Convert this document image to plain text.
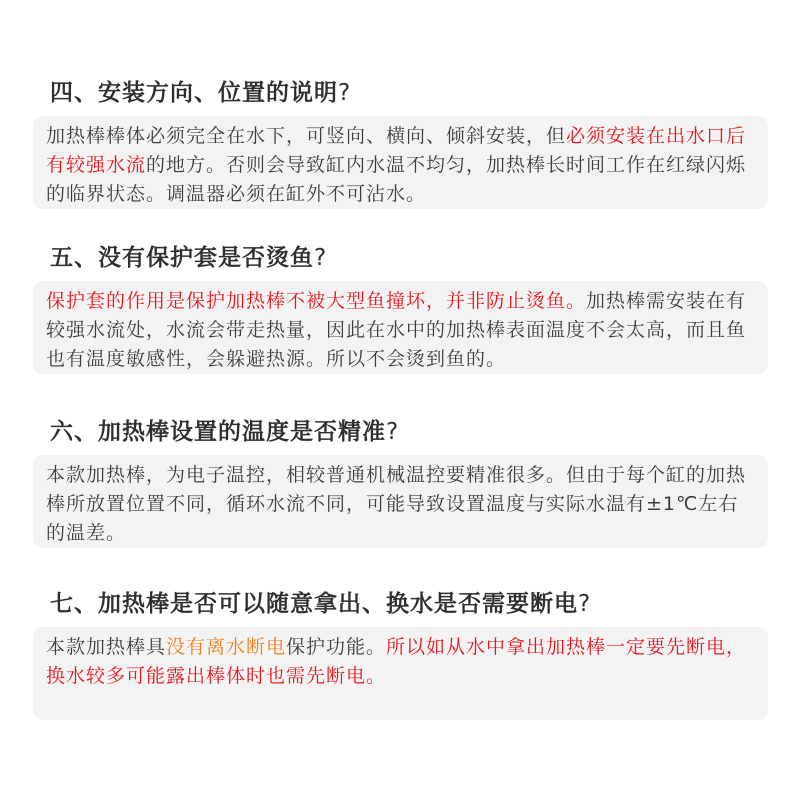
四、安装方向、位置的说明?
加热棒棒体必须完全在水下，可竖向、横向、倾斜安装，但必须安装在出水口后有较强水流的地方。否则会导致缸内水温不均匀，加热棒长时间工作在红绿闪烁的临界状态。调温器必须在缸外不可沾水。
五、没有保护套是否烫鱼?
保护套的作用是保护加热棒不被大型鱼撞坏，并非防止烫鱼。加热棒需安装在有较强水流处，水流会带走热量，因此在水中的加热棒表面温度不会太高，而且鱼也有温度敏感性，会躲避热源。所以不会烫到鱼的。
六、加热棒设置的温度是否精准?
本款加热棒，为电子温控，相较普通机械温控要精准很多。但由于每个缸的加热棒所放置位置不同，循环水流不同，可能导致设置温度与实际水温有±1℃左右的温差。
七、加热棒是否可以随意拿出、换水是否需要断电?
本款加热棒具没有离水断电保护功能。所以如从水中拿出加热棒一定要先断电，换水较多可能露出棒体时也需先断电。
